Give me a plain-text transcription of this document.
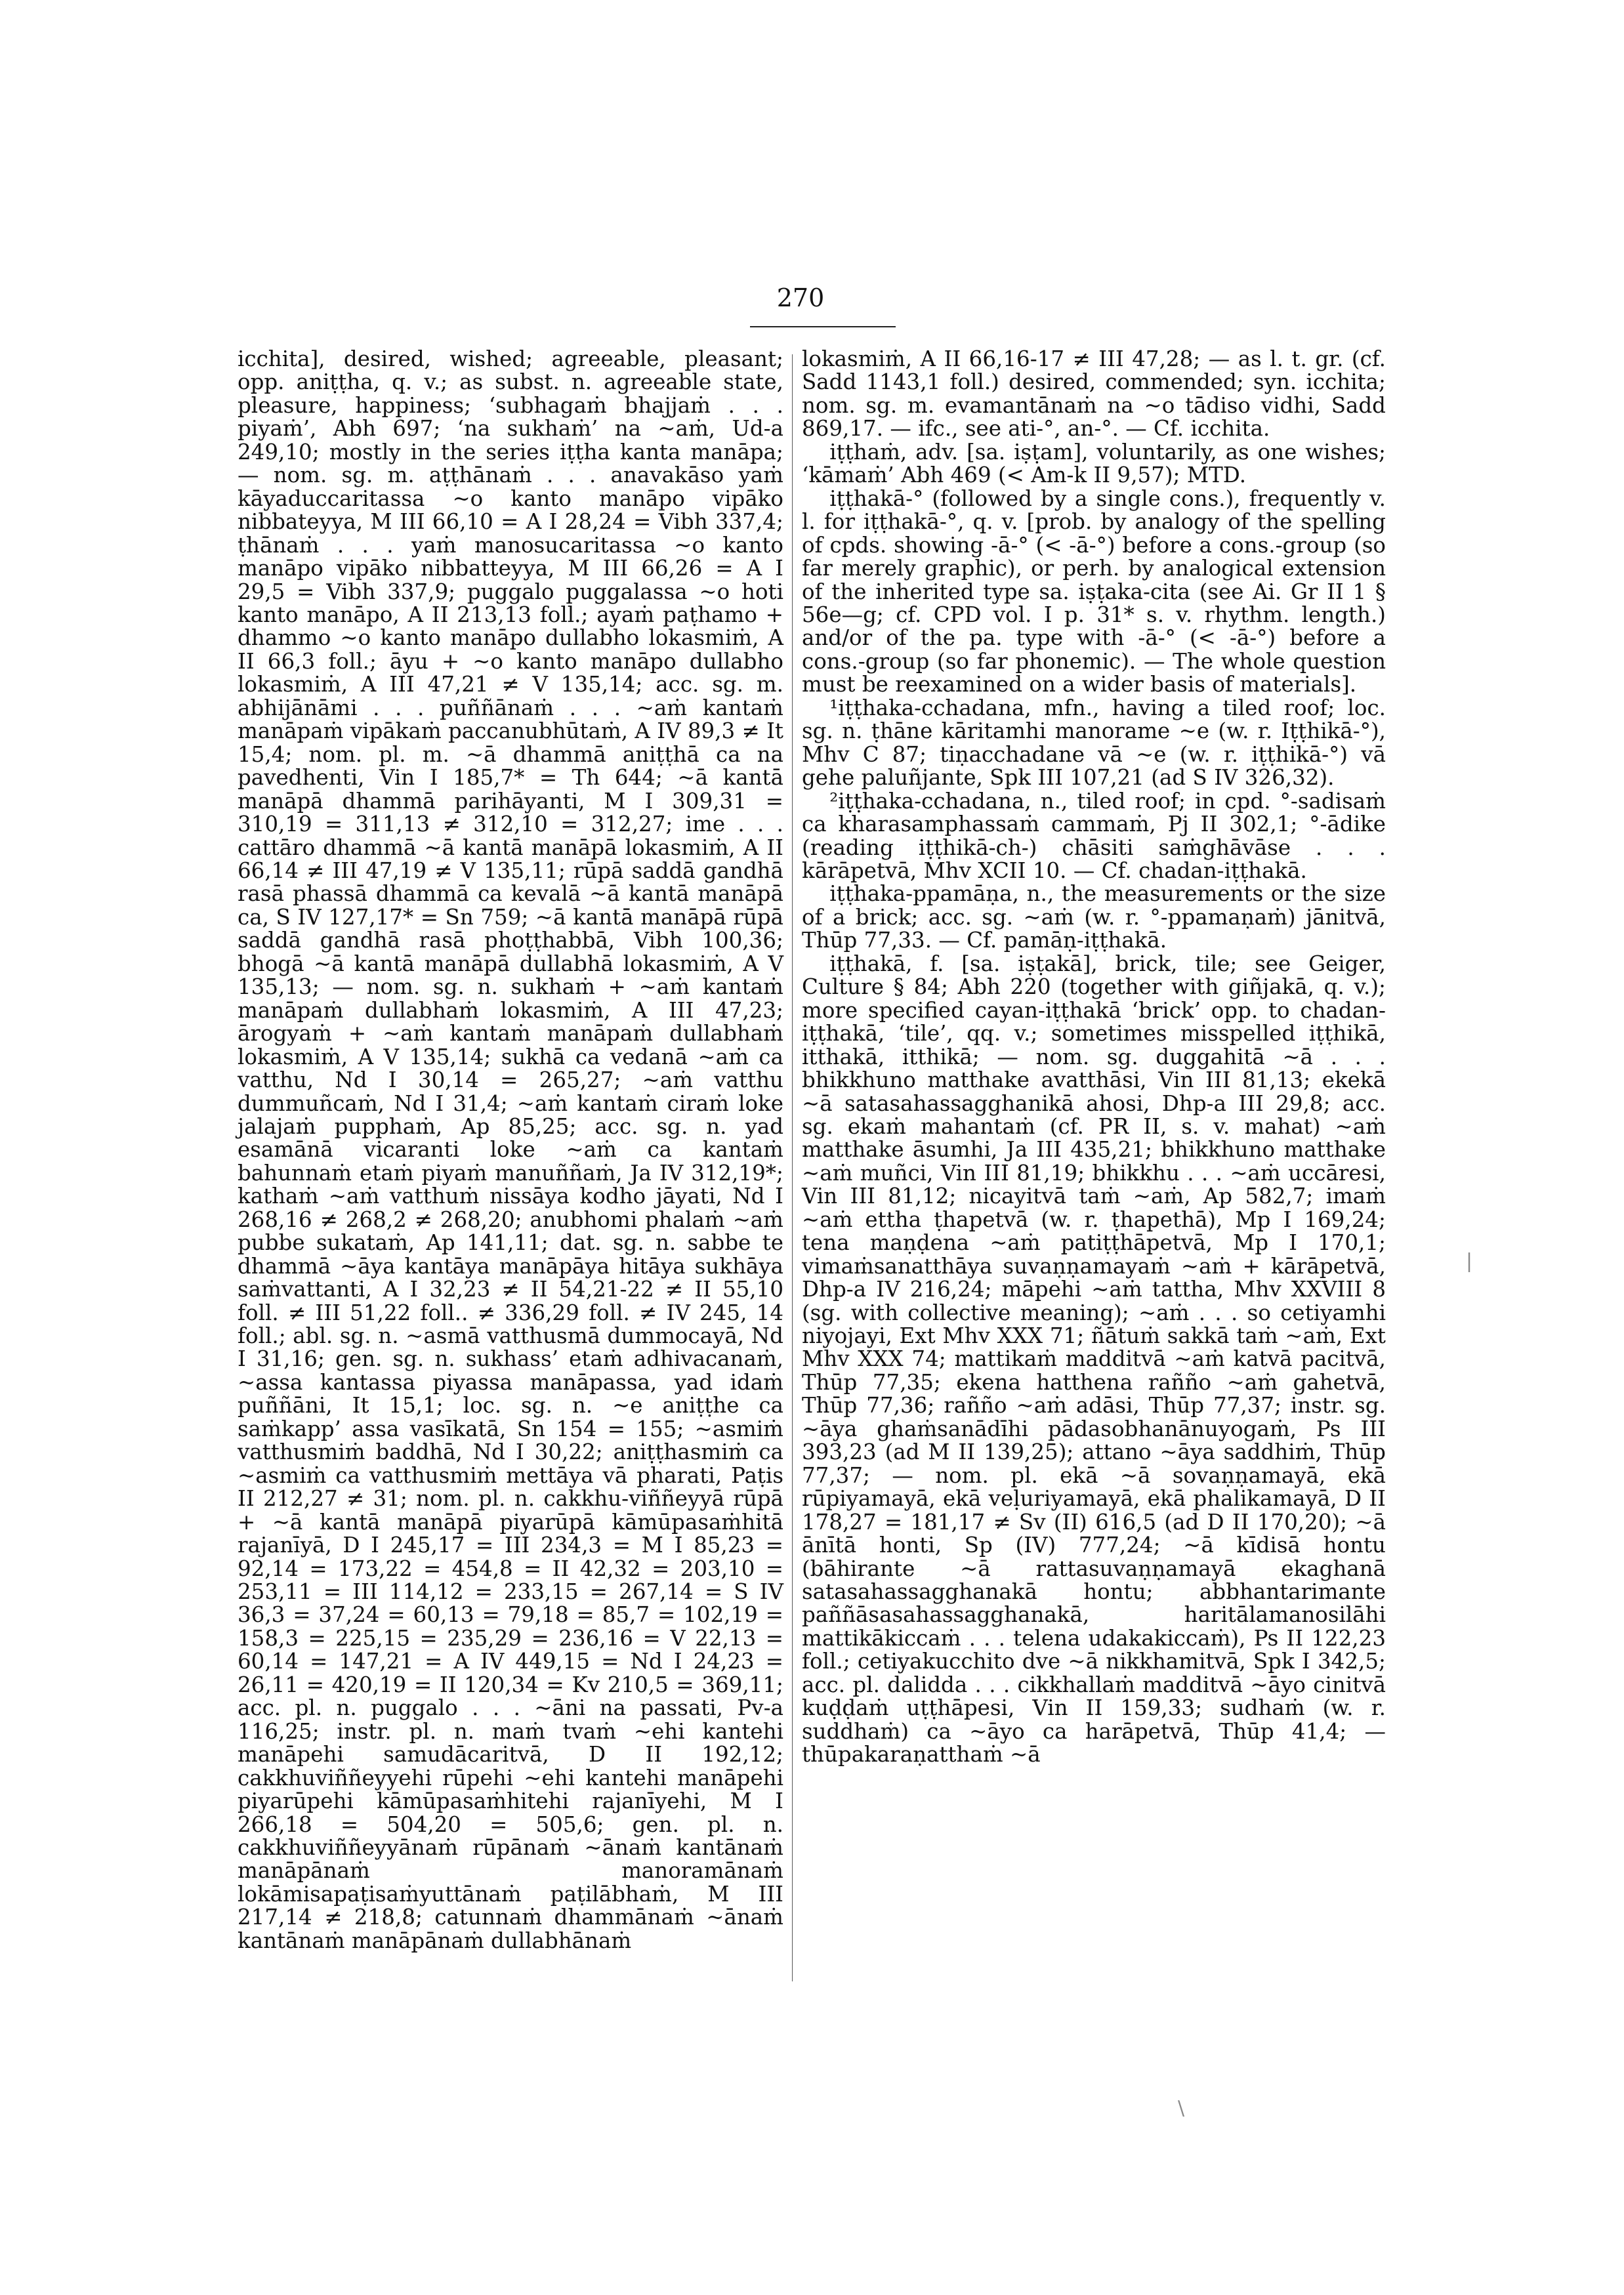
270

icchita], desired, wished; agreeable, pleasant; opp. aniṭṭha, q. v.; as subst. n. agreeable state, pleasure, happiness; ‘subhagaṁ bhajjaṁ . . . piyaṁ’, Abh 697; ‘na sukhaṁ’ na ~aṁ, Ud-a 249,10; mostly in the series iṭṭha kanta manāpa; — nom. sg. m. aṭṭhānaṁ . . . anavakāso yaṁ kāyaduccaritassa ~o kanto manāpo vipāko nibbateyya, M III 66,10 = A I 28,24 = Vibh 337,4; ṭhānaṁ . . . yaṁ manosucaritassa ~o kanto manāpo vipāko nibbatteyya, M III 66,26 = A I 29,5 = Vibh 337,9; puggalo puggalassa ~o hoti kanto manāpo, A II 213,13 foll.; ayaṁ paṭhamo + dhammo ~o kanto manāpo dullabho lokasmiṁ, A II 66,3 foll.; āyu + ~o kanto manāpo dullabho lokasmiṁ, A III 47,21 ≠ V 135,14; acc. sg. m. abhijānāmi . . . puññānaṁ . . . ~aṁ kantaṁ manāpaṁ vipākaṁ paccanubhūtaṁ, A IV 89,3 ≠ It 15,4; nom. pl. m. ~ā dhammā aniṭṭhā ca na pavedhenti, Vin I 185,7* = Th 644; ~ā kantā manāpā dhammā parihāyanti, M I 309,31 = 310,19 = 311,13 ≠ 312,10 = 312,27; ime . . . cattāro dhammā ~ā kantā manāpā lokasmiṁ, A II 66,14 ≠ III 47,19 ≠ V 135,11; rūpā saddā gandhā rasā phassā dhammā ca kevalā ~ā kantā manāpā ca, S IV 127,17* = Sn 759; ~ā kantā manāpā rūpā saddā gandhā rasā phoṭṭhabbā, Vibh 100,36; bhogā ~ā kantā manāpā dullabhā lokasmiṁ, A V 135,13; — nom. sg. n. sukhaṁ + ~aṁ kantaṁ manāpaṁ dullabhaṁ lokasmiṁ, A III 47,23; ārogyaṁ + ~aṁ kantaṁ manāpaṁ dullabhaṁ lokasmiṁ, A V 135,14; sukhā ca vedanā ~aṁ ca vatthu, Nd I 30,14 = 265,27; ~aṁ vatthu dummuñcaṁ, Nd I 31,4; ~aṁ kantaṁ ciraṁ loke jalajaṁ pupphaṁ, Ap 85,25; acc. sg. n. yad esamānā vicaranti loke ~aṁ ca kantaṁ bahunnaṁ etaṁ piyaṁ manuññaṁ, Ja IV 312,19*; kathaṁ ~aṁ vatthuṁ nissāya kodho jāyati, Nd I 268,16 ≠ 268,2 ≠ 268,20; anubhomi phalaṁ ~aṁ pubbe sukataṁ, Ap 141,11; dat. sg. n. sabbe te dhammā ~āya kantāya manāpāya hitāya sukhāya saṁvattanti, A I 32,23 ≠ II 54,21-22 ≠ II 55,10 foll. ≠ III 51,22 foll.. ≠ 336,29 foll. ≠ IV 245, 14 foll.; abl. sg. n. ~asmā vatthusmā dummocayā, Nd I 31,16; gen. sg. n. sukhass’ etaṁ adhivacanaṁ, ~assa kantassa piyassa manāpassa, yad idaṁ puññāni, It 15,1; loc. sg. n. ~e aniṭṭhe ca saṁkapp’ assa vasīkatā, Sn 154 = 155; ~asmiṁ vatthusmiṁ baddhā, Nd I 30,22; aniṭṭhasmiṁ ca ~asmiṁ ca vatthusmiṁ mettāya vā pharati, Paṭis II 212,27 ≠ 31; nom. pl. n. cakkhu-viññeyyā rūpā + ~ā kantā manāpā piyarūpā kāmūpasaṁhitā rajanīyā, D I 245,17 = III 234,3 = M I 85,23 = 92,14 = 173,22 = 454,8 = II 42,32 = 203,10 = 253,11 = III 114,12 = 233,15 = 267,14 = S IV 36,3 = 37,24 = 60,13 = 79,18 = 85,7 = 102,19 = 158,3 = 225,15 = 235,29 = 236,16 = V 22,13 = 60,14 = 147,21 = A IV 449,15 = Nd I 24,23 = 26,11 = 420,19 = II 120,34 = Kv 210,5 = 369,11; acc. pl. n. puggalo . . . ~āni na passati, Pv-a 116,25; instr. pl. n. maṁ tvaṁ ~ehi kantehi manāpehi samudācaritvā, D II 192,12; cakkhuviññeyyehi rūpehi ~ehi kantehi manāpehi piyarūpehi kāmūpasaṁhitehi rajanīyehi, M I 266,18 = 504,20 = 505,6; gen. pl. n. cakkhuviññeyyānaṁ rūpānaṁ ~ānaṁ kantānaṁ manāpānaṁ manoramānaṁ lokāmisapaṭisaṁyuttānaṁ paṭilābhaṁ, M III 217,14 ≠ 218,8; catunnaṁ dhammānaṁ ~ānaṁ kantānaṁ manāpānaṁ dullabhānaṁ

lokasmiṁ, A II 66,16-17 ≠ III 47,28; — as l. t. gr. (cf. Sadd 1143,1 foll.) desired, commended; syn. icchita; nom. sg. m. evamantānaṁ na ~o tādiso vidhi, Sadd 869,17. — ifc., see ati-°, an-°. — Cf. icchita.

iṭṭhaṁ, adv. [sa. iṣṭam], voluntarily, as one wishes; ‘kāmaṁ’ Abh 469 (< Am-k II 9,57); MTD.

iṭṭhakā-° (followed by a single cons.), frequently v. l. for iṭṭhakā-°, q. v. [prob. by analogy of the spelling of cpds. showing -ā-° (< -ā-°) before a cons.-group (so far merely graphic), or perh. by analogical extension of the inherited type sa. iṣṭaka-cita (see Ai. Gr II 1 § 56e—g; cf. CPD vol. I p. 31* s. v. rhythm. length.) and/or of the pa. type with -ā-° (< -ā-°) before a cons.-group (so far phonemic). — The whole question must be reexamined on a wider basis of materials].

¹iṭṭhaka-cchadana, mfn., having a tiled roof; loc. sg. n. ṭhāne kāritamhi manorame ~e (w. r. Iṭṭhikā-°), Mhv C 87; tiṇacchadane vā ~e (w. r. iṭṭhikā-°) vā gehe paluñjante, Spk III 107,21 (ad S IV 326,32).

²iṭṭhaka-cchadana, n., tiled roof; in cpd. °-sadisaṁ ca kharasamphassaṁ cammaṁ, Pj II 302,1; °-ādike (reading iṭṭhikā-ch-) chāsiti saṁghāvāse . . . kārāpetvā, Mhv XCII 10. — Cf. chadan-iṭṭhakā.

iṭṭhaka-ppamāṇa, n., the measurements or the size of a brick; acc. sg. ~aṁ (w. r. °-ppamaṇaṁ) jānitvā, Thūp 77,33. — Cf. pamāṇ-iṭṭhakā.

iṭṭhakā, f. [sa. iṣṭakā], brick, tile; see Geiger, Culture § 84; Abh 220 (together with giñjakā, q. v.); more specified cayan-iṭṭhakā ‘brick’ opp. to chadan-iṭṭhakā, ‘tile’, qq. v.; sometimes misspelled iṭṭhikā, itthakā, itthikā; — nom. sg. duggahitā ~ā . . . bhikkhuno matthake avatthāsi, Vin III 81,13; ekekā ~ā satasahassagghanikā ahosi, Dhp-a III 29,8; acc. sg. ekaṁ mahantaṁ (cf. PR II, s. v. mahat) ~aṁ matthake āsumhi, Ja III 435,21; bhikkhuno matthake ~aṁ muñci, Vin III 81,19; bhikkhu . . . ~aṁ uccāresi, Vin III 81,12; nicayitvā taṁ ~aṁ, Ap 582,7; imaṁ ~aṁ ettha ṭhapetvā (w. r. ṭhapethā), Mp I 169,24; tena maṇḍena ~aṁ patiṭṭhāpetvā, Mp I 170,1; vimaṁsanatthāya suvaṇṇamayaṁ ~aṁ + kārāpetvā, Dhp-a IV 216,24; māpehi ~aṁ tattha, Mhv XXVIII 8 (sg. with collective meaning); ~aṁ . . . so cetiyamhi niyojayi, Ext Mhv XXX 71; ñātuṁ sakkā taṁ ~aṁ, Ext Mhv XXX 74; mattikaṁ madditvā ~aṁ katvā pacitvā, Thūp 77,35; ekena hatthena rañño ~aṁ gahetvā, Thūp 77,36; rañño ~aṁ adāsi, Thūp 77,37; instr. sg. ~āya ghaṁsanādīhi pādasobhanānuyogaṁ, Ps III 393,23 (ad M II 139,25); attano ~āya saddhiṁ, Thūp 77,37; — nom. pl. ekā ~ā sovaṇṇamayā, ekā rūpiyamayā, ekā veḷuriyamayā, ekā phalikamayā, D II 178,27 = 181,17 ≠ Sv (II) 616,5 (ad D II 170,20); ~ā ānītā honti, Sp (IV) 777,24; ~ā kīdisā hontu (bāhirante ~ā rattasuvaṇṇamayā ekaghanā satasahassagghanakā hontu; abbhantarimante paññāsasahassagghanakā, haritālamanosilāhi mattikākiccaṁ . . . telena udakakiccaṁ), Ps II 122,23 foll.; cetiyakucchito dve ~ā nikkhamitvā, Spk I 342,5; acc. pl. dalidda . . . cikkhallaṁ madditvā ~āyo cinitvā kuḍḍaṁ uṭṭhāpesi, Vin II 159,33; sudhaṁ (w. r. suddhaṁ) ca ~āyo ca harāpetvā, Thūp 41,4; — thūpakaraṇatthaṁ ~ā

|
\
